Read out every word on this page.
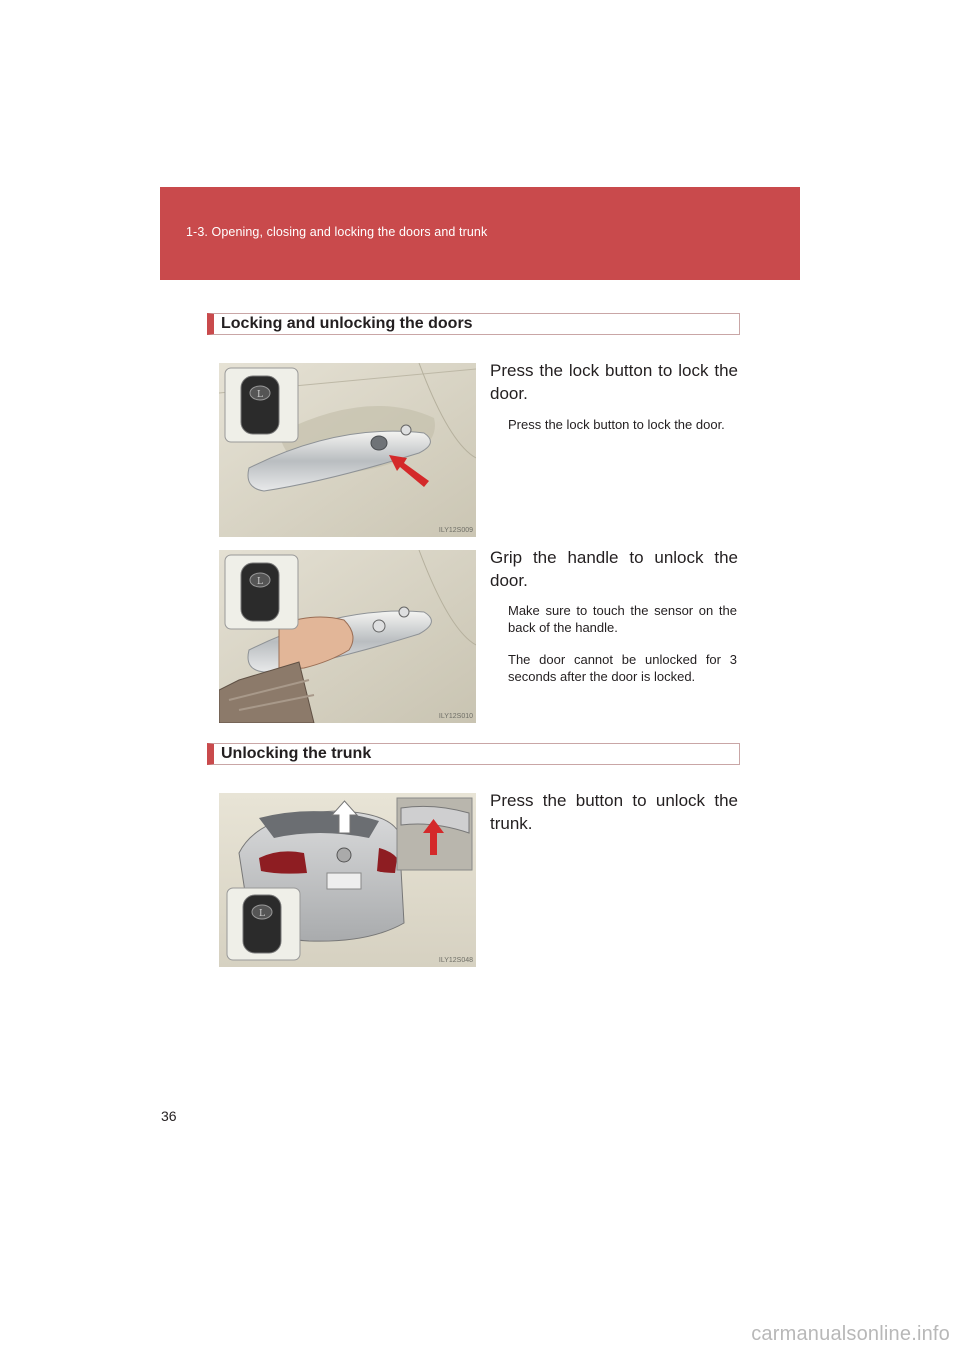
1-3. Opening, closing and locking the doors and trunk
Locking and unlocking the doors
L
ILY12S009
Press the lock button to lock the door.
Press the lock button to lock the door.
L
ILY12S010
Grip the handle to unlock the door.
Make sure to touch the sensor on the back of the handle.
The door cannot be unlocked for 3 seconds after the door is locked.
Unlocking the trunk
L
ILY12S048
Press the button to unlock the trunk.
36
carmanualsonline.info
